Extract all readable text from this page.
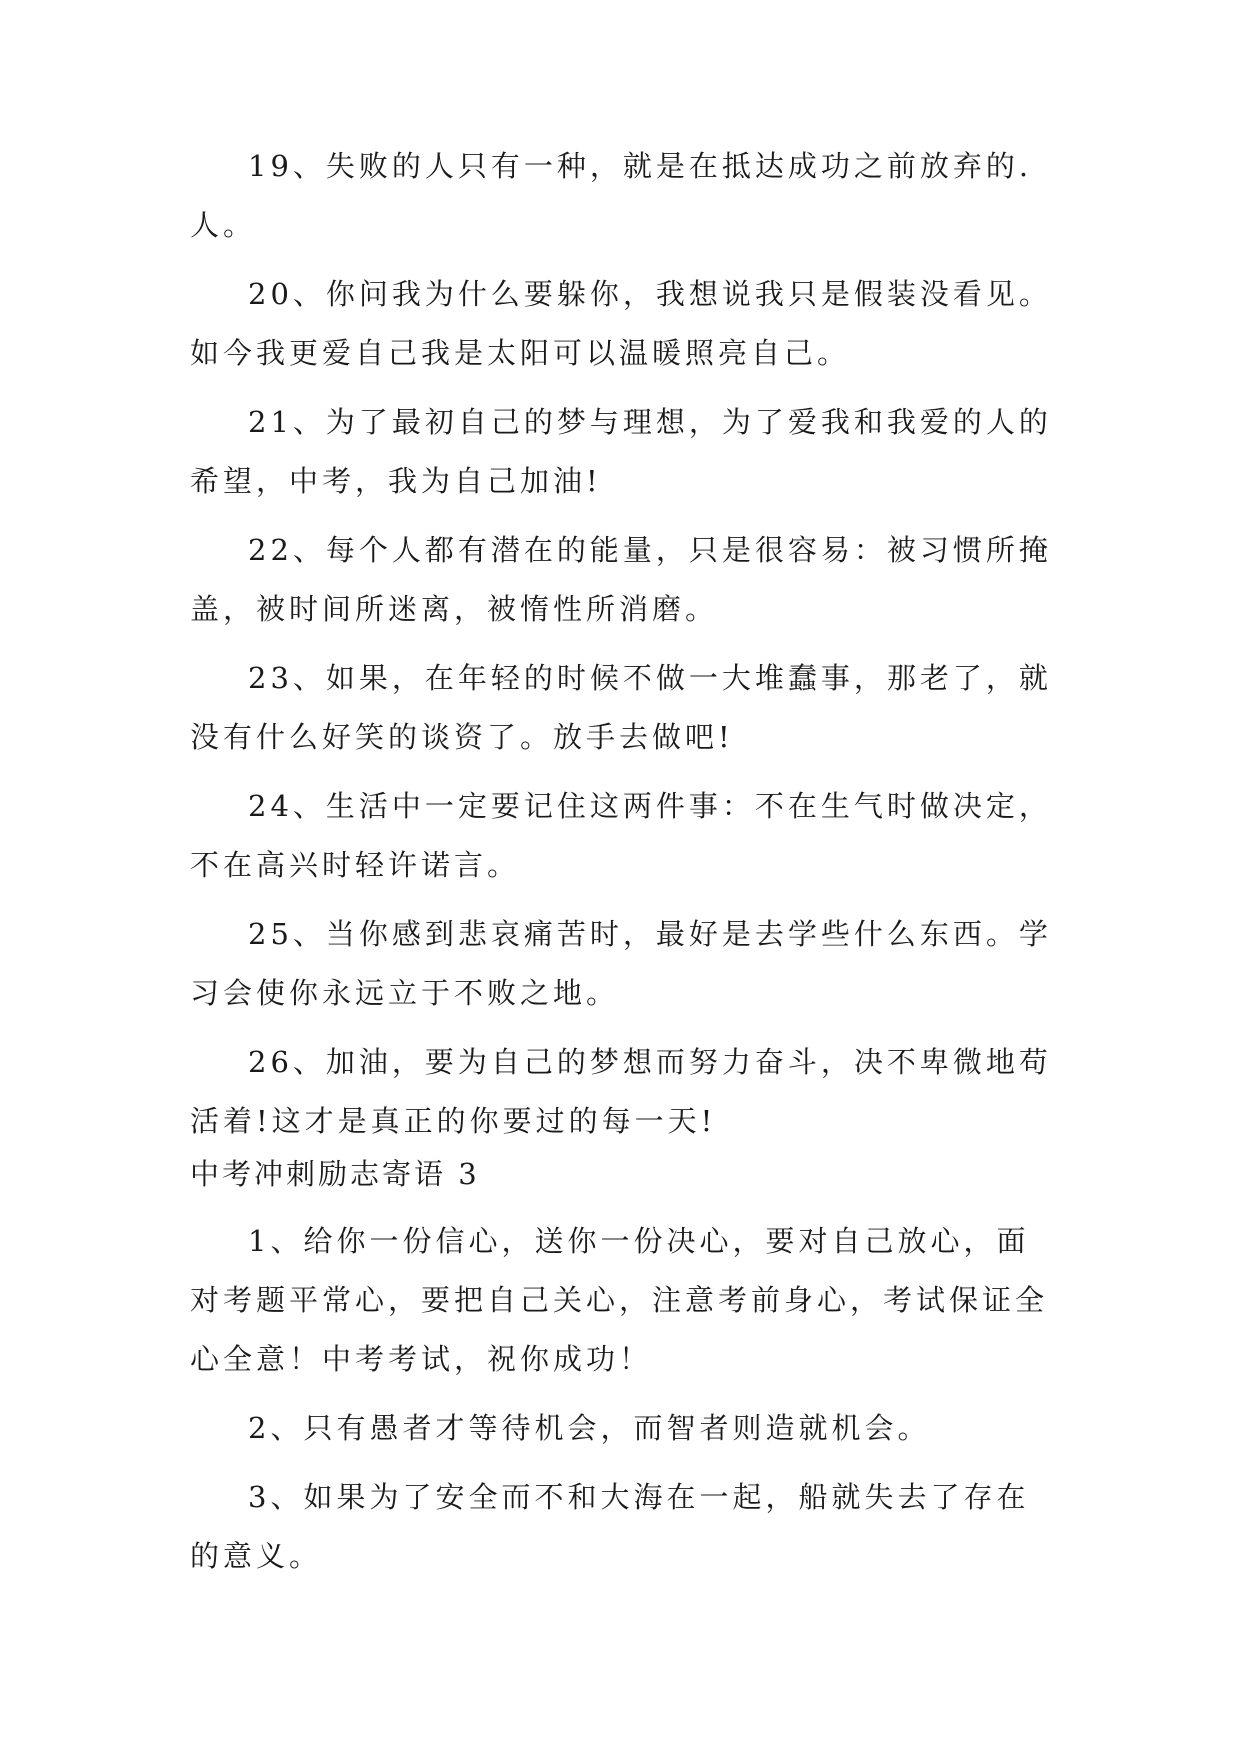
19、失败的人只有一种，就是在抵达成功之前放弃的.人。

20、你问我为什么要躲你，我想说我只是假装没看见。如今我更爱自己我是太阳可以温暖照亮自己。

21、为了最初自己的梦与理想，为了爱我和我爱的人的希望，中考，我为自己加油!

22、每个人都有潜在的能量，只是很容易：被习惯所掩盖，被时间所迷离，被惰性所消磨。

23、如果，在年轻的时候不做一大堆蠢事，那老了，就没有什么好笑的谈资了。放手去做吧!

24、生活中一定要记住这两件事：不在生气时做决定，不在高兴时轻许诺言。

25、当你感到悲哀痛苦时，最好是去学些什么东西。学习会使你永远立于不败之地。

26、加油，要为自己的梦想而努力奋斗，决不卑微地苟活着!这才是真正的你要过的每一天!

中考冲刺励志寄语 3

1、给你一份信心，送你一份决心，要对自己放心，面对考题平常心，要把自己关心，注意考前身心，考试保证全心全意！中考考试，祝你成功！

2、只有愚者才等待机会，而智者则造就机会。

3、如果为了安全而不和大海在一起，船就失去了存在的意义。
